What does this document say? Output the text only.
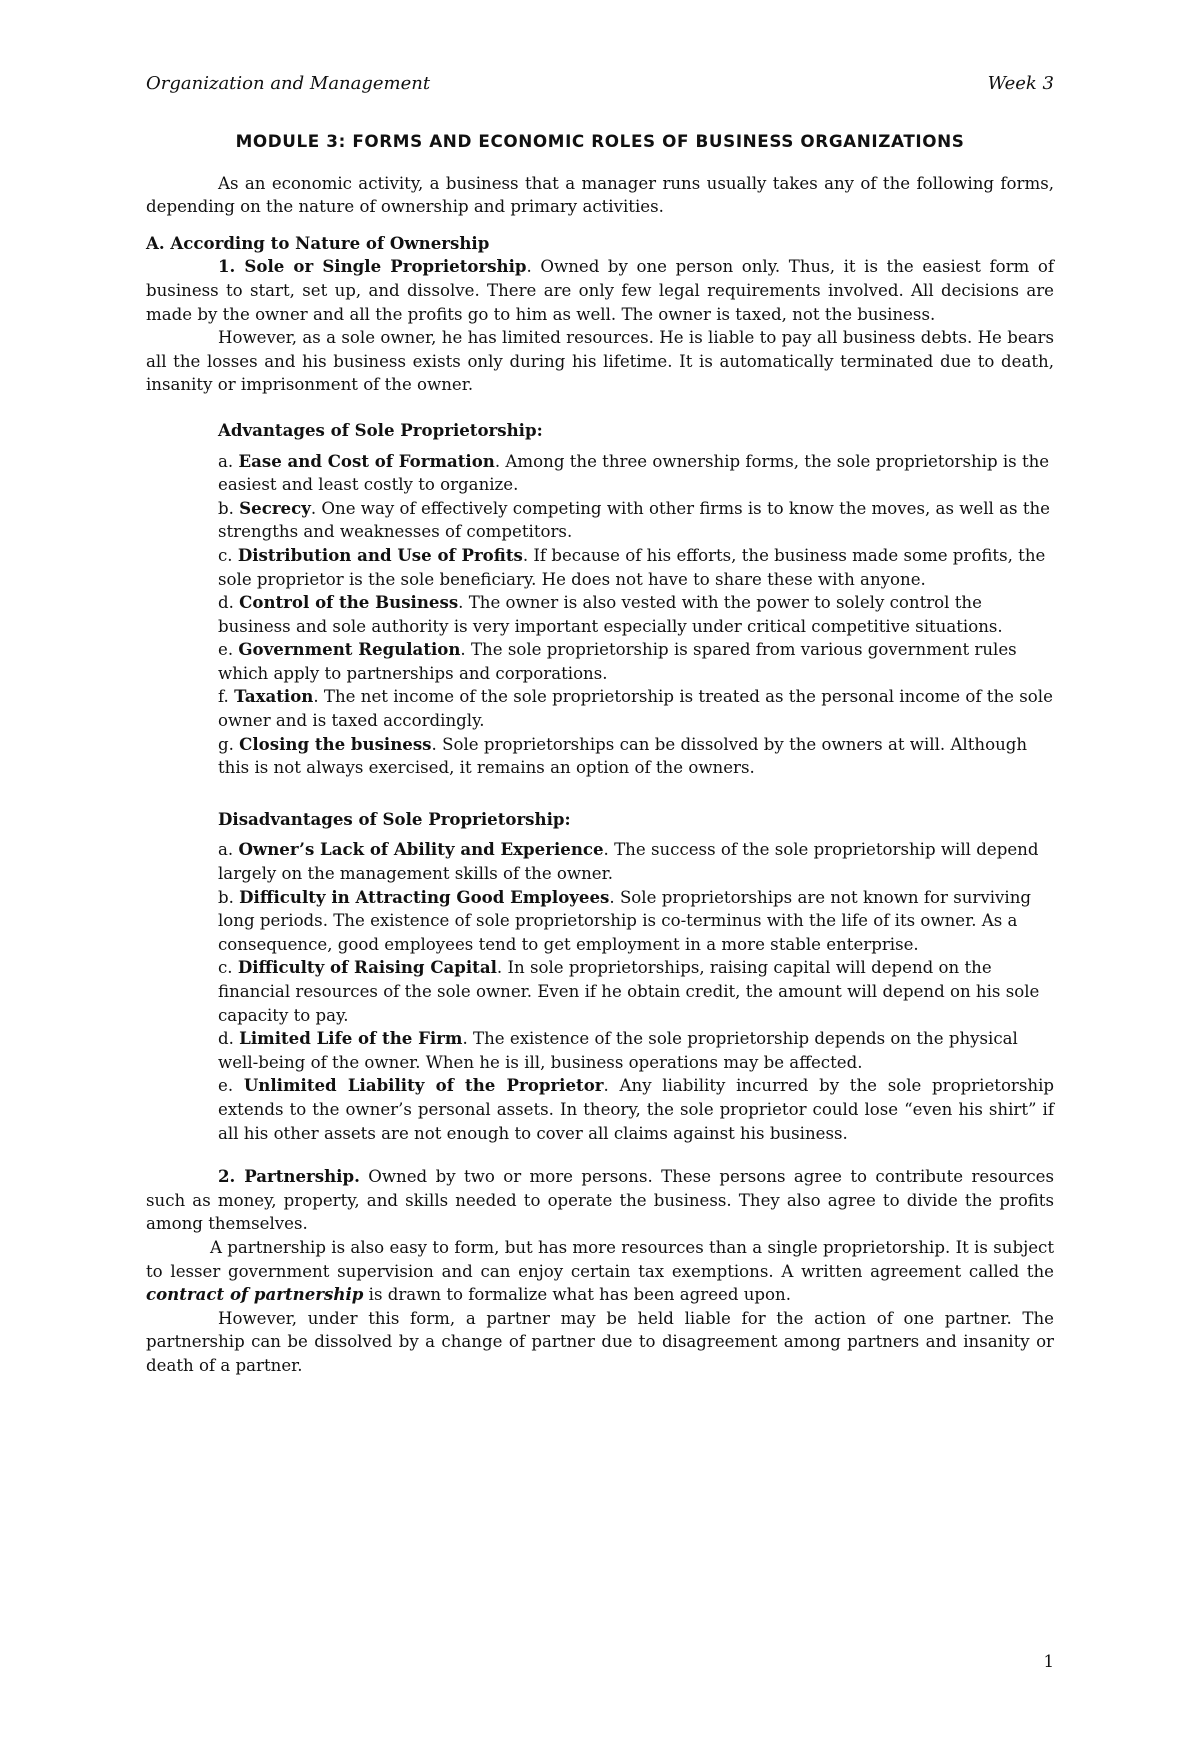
Organization and Management	Week 3
MODULE 3: FORMS AND ECONOMIC ROLES OF BUSINESS ORGANIZATIONS

As an economic activity, a business that a manager runs usually takes any of the following forms, depending on the nature of ownership and primary activities.

A. According to Nature of Ownership

1. Sole or Single Proprietorship. Owned by one person only. Thus, it is the easiest form of business to start, set up, and dissolve. There are only few legal requirements involved. All decisions are made by the owner and all the profits go to him as well. The owner is taxed, not the business.

However, as a sole owner, he has limited resources. He is liable to pay all business debts. He bears all the losses and his business exists only during his lifetime. It is automatically terminated due to death, insanity or imprisonment of the owner.

Advantages of Sole Proprietorship:

a. Ease and Cost of Formation. Among the three ownership forms, the sole proprietorship is the easiest and least costly to organize.

b. Secrecy. One way of effectively competing with other firms is to know the moves, as well as the strengths and weaknesses of competitors.

c. Distribution and Use of Profits. If because of his efforts, the business made some profits, the sole proprietor is the sole beneficiary. He does not have to share these with anyone.

d. Control of the Business. The owner is also vested with the power to solely control the business and sole authority is very important especially under critical competitive situations.

e. Government Regulation. The sole proprietorship is spared from various government rules which apply to partnerships and corporations.

f. Taxation. The net income of the sole proprietorship is treated as the personal income of the sole owner and is taxed accordingly.

g. Closing the business. Sole proprietorships can be dissolved by the owners at will. Although this is not always exercised, it remains an option of the owners.

Disadvantages of Sole Proprietorship:

a. Owner’s Lack of Ability and Experience. The success of the sole proprietorship will depend largely on the management skills of the owner.

b. Difficulty in Attracting Good Employees. Sole proprietorships are not known for surviving long periods. The existence of sole proprietorship is co-terminus with the life of its owner. As a consequence, good employees tend to get employment in a more stable enterprise.

c. Difficulty of Raising Capital. In sole proprietorships, raising capital will depend on the financial resources of the sole owner. Even if he obtain credit, the amount will depend on his sole capacity to pay.

d. Limited Life of the Firm. The existence of the sole proprietorship depends on the physical well-being of the owner. When he is ill, business operations may be affected.

e. Unlimited Liability of the Proprietor. Any liability incurred by the sole proprietorship extends to the owner’s personal assets. In theory, the sole proprietor could lose “even his shirt” if all his other assets are not enough to cover all claims against his business.

2. Partnership. Owned by two or more persons. These persons agree to contribute resources such as money, property, and skills needed to operate the business. They also agree to divide the profits among themselves.

A partnership is also easy to form, but has more resources than a single proprietorship. It is subject to lesser government supervision and can enjoy certain tax exemptions. A written agreement called the contract of partnership is drawn to formalize what has been agreed upon.

However, under this form, a partner may be held liable for the action of one partner. The partnership can be dissolved by a change of partner due to disagreement among partners and insanity or death of a partner.

1
